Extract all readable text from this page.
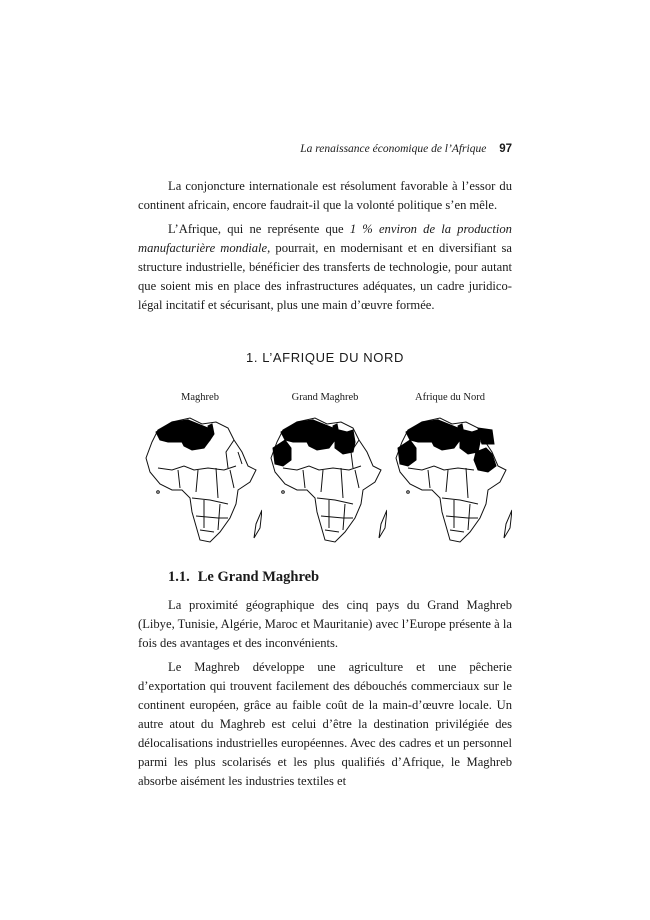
La renaissance économique de l’Afrique 97

La conjoncture internationale est résolument favorable à l’essor du continent africain, encore faudrait-il que la volonté politique s’en mêle.

L’Afrique, qui ne représente que 1 % environ de la production manufacturière mondiale, pourrait, en modernisant et en diversifiant sa structure industrielle, bénéficier des transferts de technologie, pour autant que soient mis en place des infrastructures adéquates, un cadre juridico-légal incitatif et sécurisant, plus une main d’œuvre formée.

1. L’AFRIQUE DU NORD
Maghreb	Grand Maghreb	Afrique du Nord
1.1. Le Grand Maghreb

La proximité géographique des cinq pays du Grand Maghreb (Libye, Tunisie, Algérie, Maroc et Mauritanie) avec l’Europe présente à la fois des avantages et des inconvénients.

Le Maghreb développe une agriculture et une pêcherie d’exportation qui trouvent facilement des débouchés commerciaux sur le continent européen, grâce au faible coût de la main-d’œuvre locale. Un autre atout du Maghreb est celui d’être la destination privilégiée des délocalisations industrielles européennes. Avec des cadres et un personnel parmi les plus scolarisés et les plus qualifiés d’Afrique, le Maghreb absorbe aisément les industries textiles et
